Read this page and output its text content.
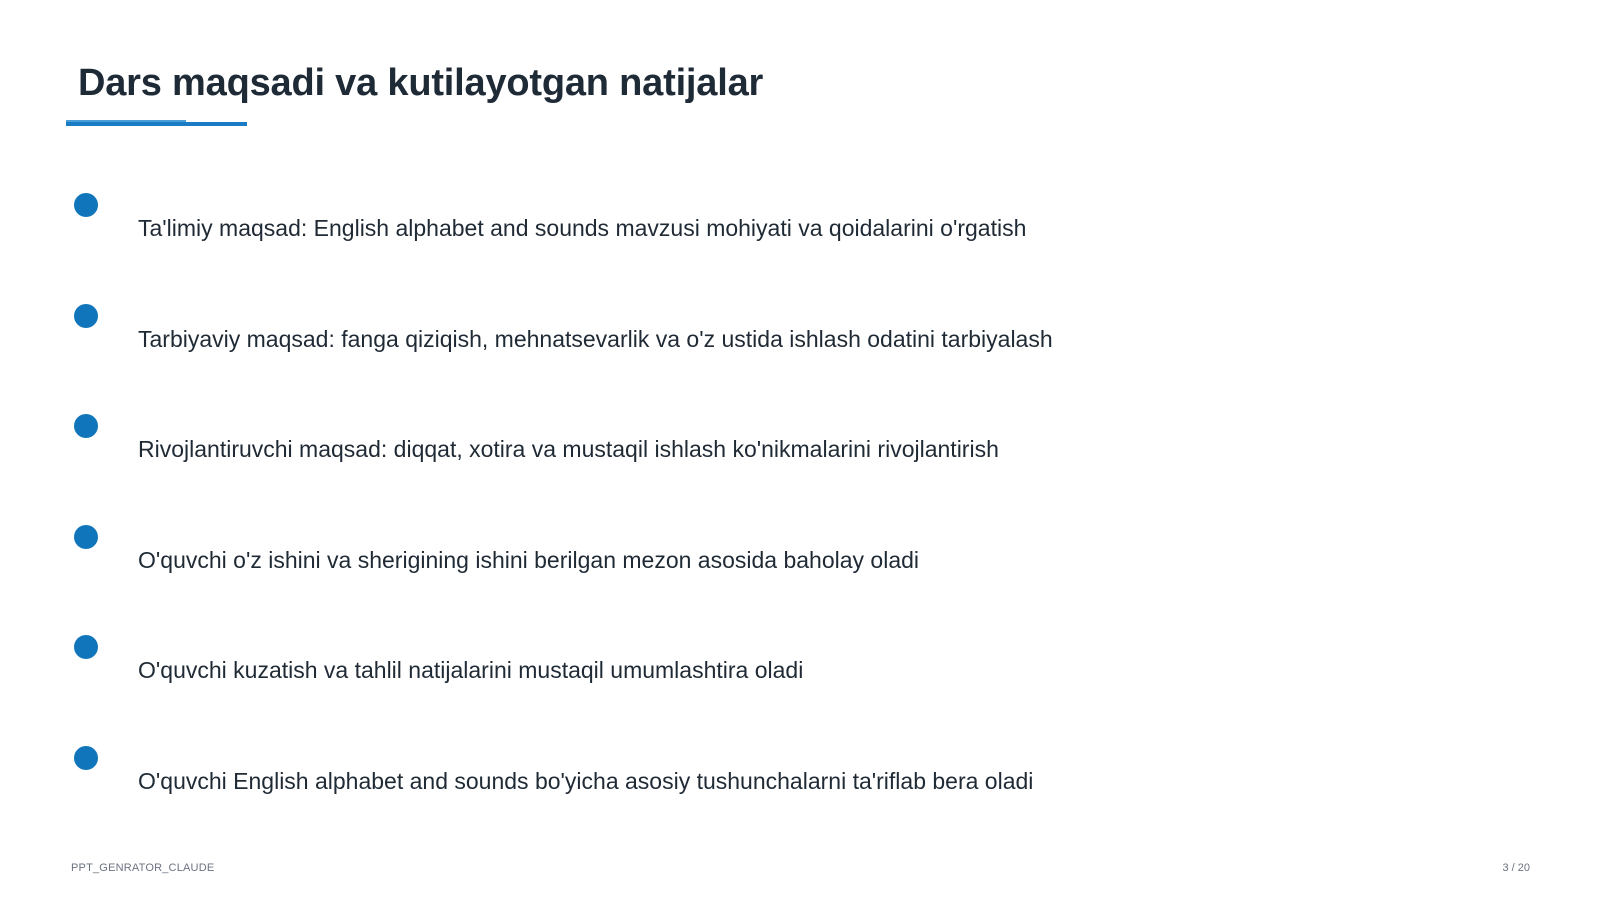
Dars maqsadi va kutilayotgan natijalar
Ta'limiy maqsad: English alphabet and sounds mavzusi mohiyati va qoidalarini o'rgatish
Tarbiyaviy maqsad: fanga qiziqish, mehnatsevarlik va o'z ustida ishlash odatini tarbiyalash
Rivojlantiruvchi maqsad: diqqat, xotira va mustaqil ishlash ko'nikmalarini rivojlantirish
O'quvchi o'z ishini va sherigining ishini berilgan mezon asosida baholay oladi
O'quvchi kuzatish va tahlil natijalarini mustaqil umumlashtira oladi
O'quvchi English alphabet and sounds bo'yicha asosiy tushunchalarni ta'riflab bera oladi
PPT_GENRATOR_CLAUDE	3 / 20
